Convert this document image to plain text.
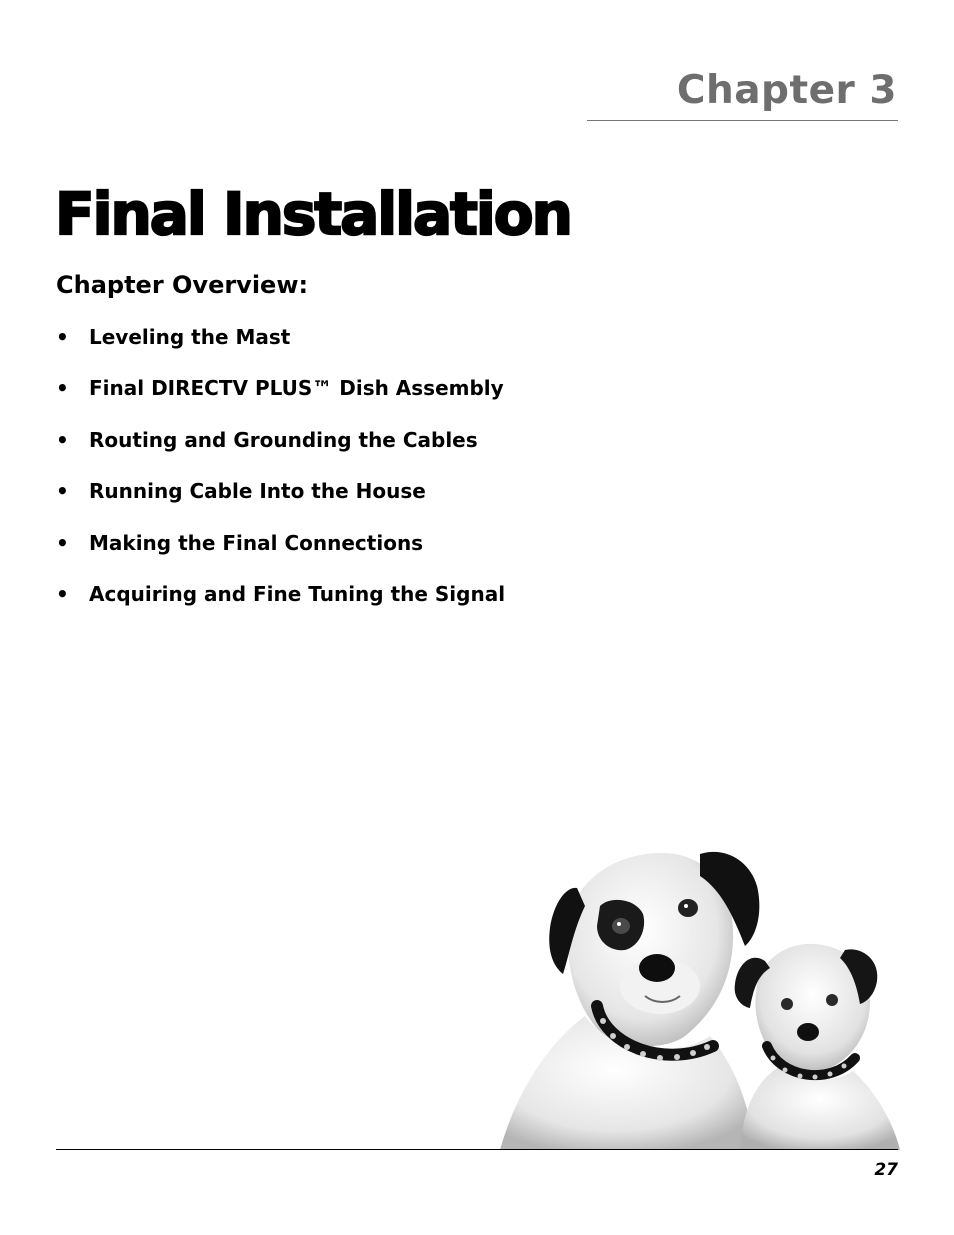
Chapter 3
Final Installation
Chapter Overview:
•	Leveling the Mast
•	Final DIRECTV PLUS™ Dish Assembly
•	Routing and Grounding the Cables
•	Running Cable Into the House
•	Making the Final Connections
•	Acquiring and Fine Tuning the Signal
27
